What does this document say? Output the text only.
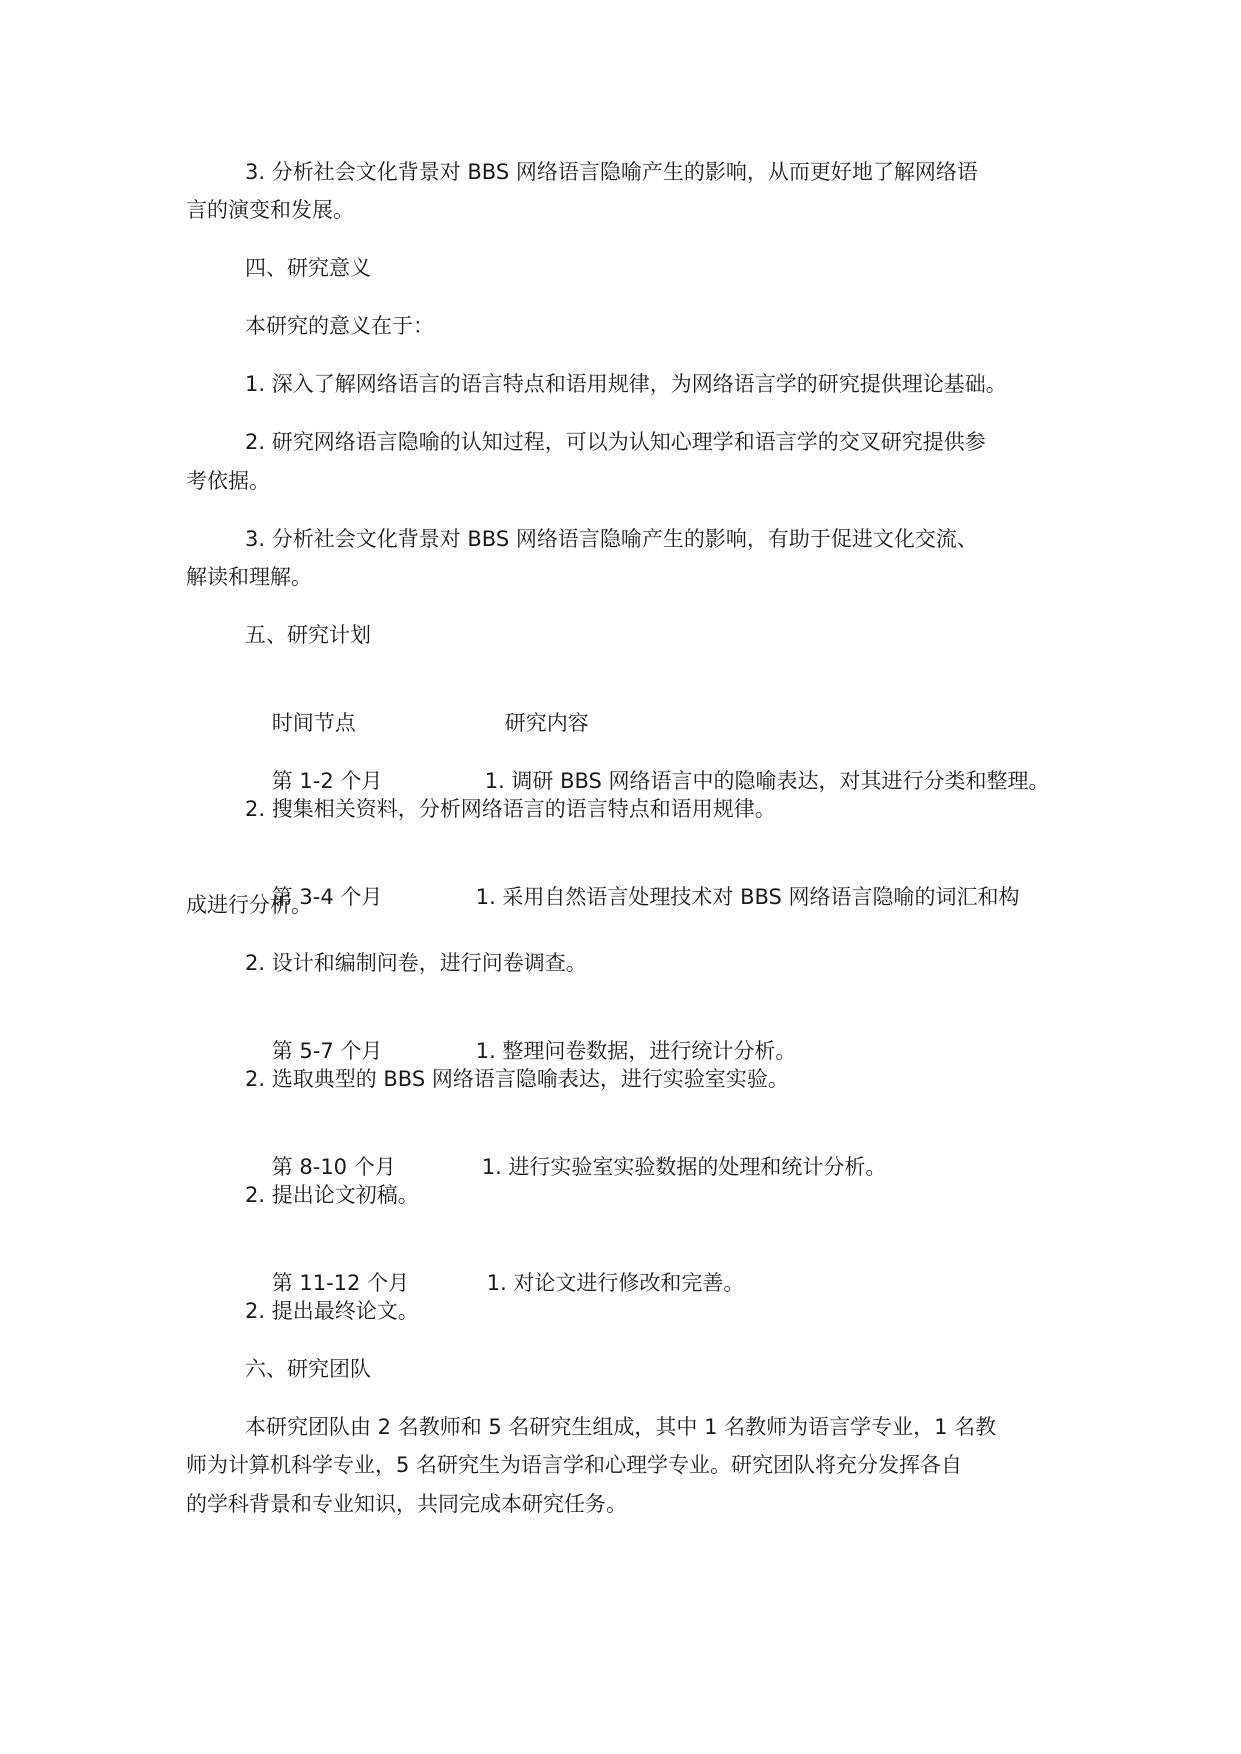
3. 分析社会文化背景对 BBS 网络语言隐喻产生的影响，从而更好地了解网络语
言的演变和发展。
四、研究意义
本研究的意义在于：
1. 深入了解网络语言的语言特点和语用规律，为网络语言学的研究提供理论基础。
2. 研究网络语言隐喻的认知过程，可以为认知心理学和语言学的交叉研究提供参
考依据。
3. 分析社会文化背景对 BBS 网络语言隐喻产生的影响，有助于促进文化交流、
解读和理解。
五、研究计划

时间节点	研究内容

第 1-2 个月	1. 调研 BBS 网络语言中的隐喻表达，对其进行分类和整理。

2. 搜集相关资料，分析网络语言的语言特点和语用规律。

第 3-4 个月	1. 采用自然语言处理技术对 BBS 网络语言隐喻的词汇和构

成进行分析。
2. 设计和编制问卷，进行问卷调查。

第 5-7 个月	1. 整理问卷数据，进行统计分析。

2. 选取典型的 BBS 网络语言隐喻表达，进行实验室实验。

第 8-10 个月	1. 进行实验室实验数据的处理和统计分析。

2. 提出论文初稿。

第 11-12 个月	1. 对论文进行修改和完善。

2. 提出最终论文。
六、研究团队
本研究团队由 2 名教师和 5 名研究生组成，其中 1 名教师为语言学专业，1 名教
师为计算机科学专业，5 名研究生为语言学和心理学专业。研究团队将充分发挥各自
的学科背景和专业知识，共同完成本研究任务。
